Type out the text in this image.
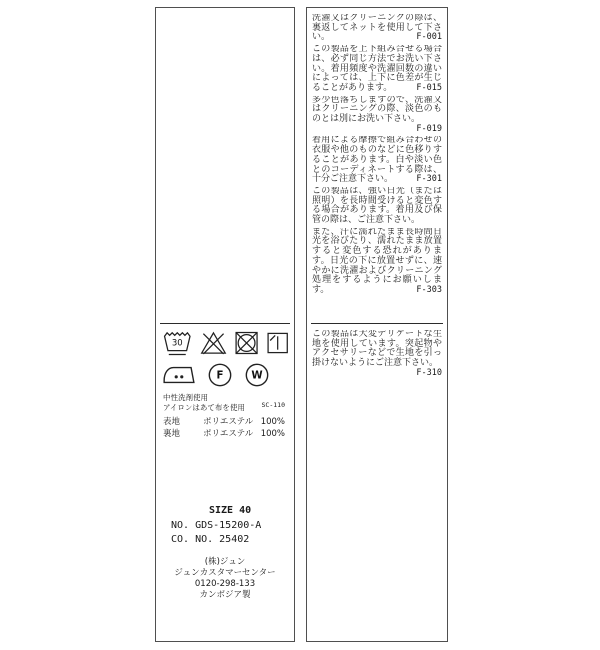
30
F	W
中性洗剤使用
アイロンはあて布を使用	SC-110
表地	ポリエステル 100%
裏地	ポリエステル 100%
SIZE 40
NO. GDS-15200-A
CO. NO. 25402
(株)ジュン
ジュンカスタマーセンター
0120-298-133
カンボジア製

洗濯又はクリーニングの際は、裏返してネットを使用して下さい。	F-001

この製品を上下組み合せる場合は、必ず同じ方法でお洗い下さい。着用頻度や洗濯回数の違いによっては、上下に色差が生じることがあります。	F-015

多少色落ちしますので、洗濯又はクリーニングの際、淡色のものとは別にお洗い下さい。
F-019

着用による摩擦で組み合わせの衣服や他のものなどに色移りすることがあります。白や淡い色とのコーディネートする際は、十分ご注意下さい。	F-301

この製品は、強い日光（または照明）を長時間受けると変色する場合があります。着用及び保管の際は、ご注意下さい。

また、汗に濡れたまま長時間日光を浴びたり、濡れたまま放置すると変色する恐れがあります。日光の下に放置せずに、速やかに洗濯およびクリーニング処理をするようにお願いします。	F-303

この製品は大変デリケートな生地を使用しています。突起物やアクセサリーなどで生地を引っ掛けないようにご注意下さい。
F-310
